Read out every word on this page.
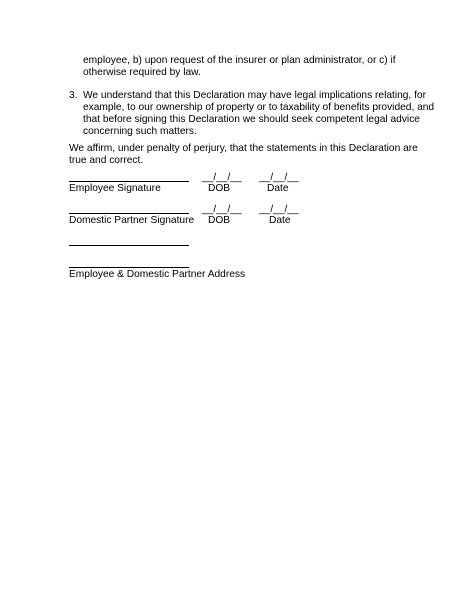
employee, b) upon request of the insurer or plan administrator, or c) if
otherwise required by law.
3. We understand that this Declaration may have legal implications relating, for
example, to our ownership of property or to taxability of benefits provided, and
that before signing this Declaration we should seek competent legal advice
concerning such matters.
We affirm, under penalty of perjury, that the statements in this Declaration are
true and correct.
__/__/__ __/__/__
Employee Signature	DOB	Date
__/__/__ __/__/__
Domestic Partner Signature DOB	Date
Employee & Domestic Partner Address
